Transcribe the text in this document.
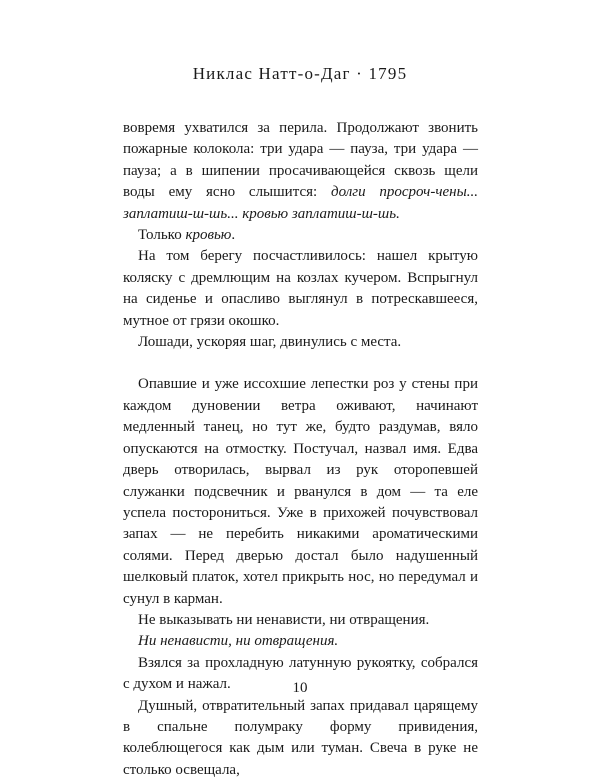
Никлас Натт-о-Даг · 1795

вовремя ухватился за перила. Продолжают звонить пожарные колокола: три удара — пауза, три удара — пауза; а в шипении просачивающейся сквозь щели воды ему ясно слышится: долги просроч-чены... заплатиш-ш-шь... кровью заплатиш-ш-шь.

Только кровью.

На том берегу посчастливилось: нашел крытую коляску с дремлющим на козлах кучером. Вспрыгнул на сиденье и опасливо выглянул в потрескавшееся, мутное от грязи окошко.

Лошади, ускоряя шаг, двинулись с места.

Опавшие и уже иссохшие лепестки роз у стены при каждом дуновении ветра оживают, начинают медленный танец, но тут же, будто раздумав, вяло опускаются на отмостку. Постучал, назвал имя. Едва дверь отворилась, вырвал из рук оторопевшей служанки подсвечник и рванулся в дом — та еле успела посторониться. Уже в прихожей почувствовал запах — не перебить никакими ароматическими солями. Перед дверью достал было надушенный шелковый платок, хотел прикрыть нос, но передумал и сунул в карман.

Не выказывать ни ненависти, ни отвращения.

Ни ненависти, ни отвращения.

Взялся за прохладную латунную рукоятку, собрался с духом и нажал.

Душный, отвратительный запах придавал царящему в спальне полумраку форму привидения, колеблющегося как дым или туман. Свеча в руке не столько освещала,

10
